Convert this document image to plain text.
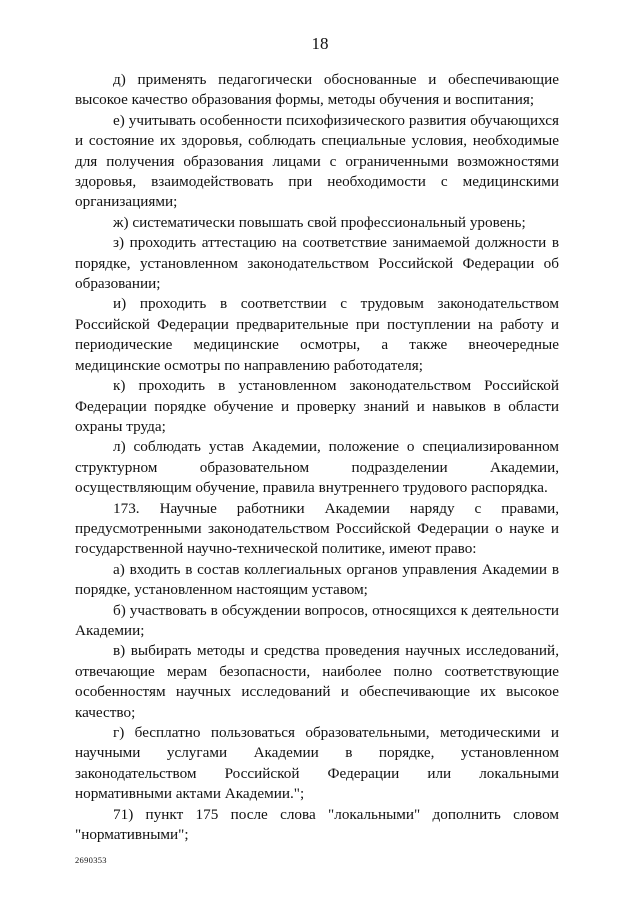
18

д) применять педагогически обоснованные и обеспечивающие высокое качество образования формы, методы обучения и воспитания;

е) учитывать особенности психофизического развития обучающихся и состояние их здоровья, соблюдать специальные условия, необходимые для получения образования лицами с ограниченными возможностями здоровья, взаимодействовать при необходимости с медицинскими организациями;

ж) систематически повышать свой профессиональный уровень;

з) проходить аттестацию на соответствие занимаемой должности в порядке, установленном законодательством Российской Федерации об образовании;

и) проходить в соответствии с трудовым законодательством Российской Федерации предварительные при поступлении на работу и периодические медицинские осмотры, а также внеочередные медицинские осмотры по направлению работодателя;

к) проходить в установленном законодательством Российской Федерации порядке обучение и проверку знаний и навыков в области охраны труда;

л) соблюдать устав Академии, положение о специализированном структурном образовательном подразделении Академии, осуществляющим обучение, правила внутреннего трудового распорядка.

173. Научные работники Академии наряду с правами, предусмотренными законодательством Российской Федерации о науке и государственной научно-технической политике, имеют право:

а) входить в состав коллегиальных органов управления Академии в порядке, установленном настоящим уставом;

б) участвовать в обсуждении вопросов, относящихся к деятельности Академии;

в) выбирать методы и средства проведения научных исследований, отвечающие мерам безопасности, наиболее полно соответствующие особенностям научных исследований и обеспечивающие их высокое качество;

г) бесплатно пользоваться образовательными, методическими и научными услугами Академии в порядке, установленном законодательством Российской Федерации или локальными нормативными актами Академии.";

71) пункт 175 после слова "локальными" дополнить словом "нормативными";

2690353
